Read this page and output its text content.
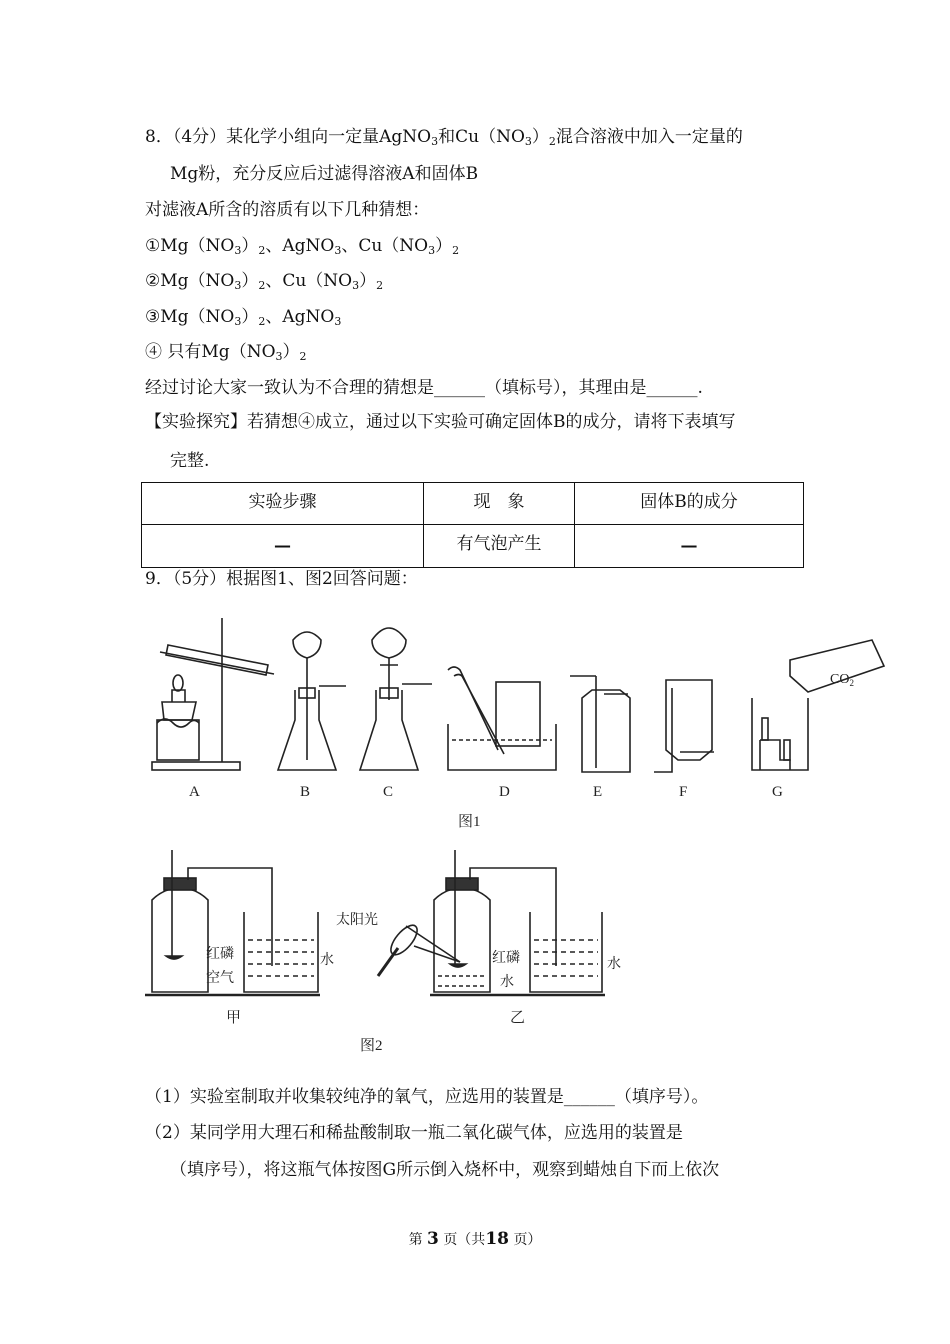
8．（4分）某化学小组向一定量AgNO$_3$和$Cu(NO_3)_2$混合溶液中加入一定量的
Mg粉，充分反应后过滤得溶液A和固体B
对滤液A所含的溶质有以下几种猜想：
$①Mg(NO_3)_2$、AgNO$_3$、$Cu(NO_3)_2$
$②Mg(NO_3)_2$、$Cu(NO_3)_2$
$③Mg(NO_3)_2$、AgNO$_3$
④ 只有$Mg(NO_3)_2$
经过讨论大家一致认为不合理的猜想是______（填标号），其理由是______.
【实验探究】若猜想④成立，通过以下实验可确定固体B的成分，请将下表填写
完整.
实验步骤	现　象	固体B的成分
—	有气泡产生	—
9．（5分）根据图1、图2回答问题：
A	B	C	D	E	F	G
图1
$CO_2$
红磷
空气
水
甲
太阳光
红磷
水
水
乙
图2
（1）实验室制取并收集较纯净的氧气，应选用的装置是______（填序号）。
（2）某同学用大理石和稀盐酸制取一瓶二氧化碳气体，应选用的装置是
（填序号），将这瓶气体按图G所示倒入烧杯中，观察到蜡烛自下而上依次
第 3 页（共18 页）
